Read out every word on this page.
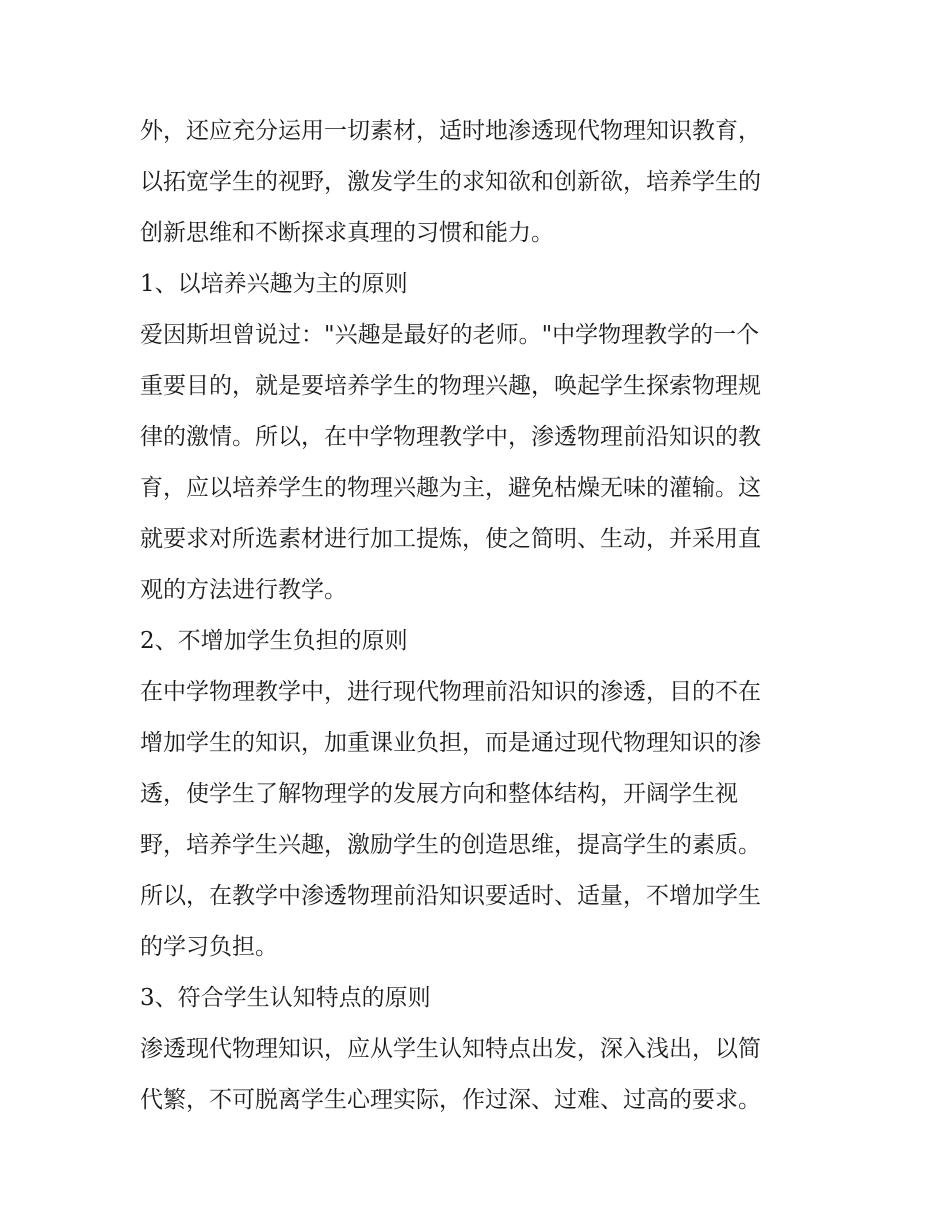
外，还应充分运用一切素材，适时地渗透现代物理知识教育，
以拓宽学生的视野，激发学生的求知欲和创新欲，培养学生的
创新思维和不断探求真理的习惯和能力。
1、以培养兴趣为主的原则
爱因斯坦曾说过："兴趣是最好的老师。"中学物理教学的一个
重要目的，就是要培养学生的物理兴趣，唤起学生探索物理规
律的激情。所以，在中学物理教学中，渗透物理前沿知识的教
育，应以培养学生的物理兴趣为主，避免枯燥无味的灌输。这
就要求对所选素材进行加工提炼，使之简明、生动，并采用直
观的方法进行教学。
2、不增加学生负担的原则
在中学物理教学中，进行现代物理前沿知识的渗透，目的不在
增加学生的知识，加重课业负担，而是通过现代物理知识的渗
透，使学生了解物理学的发展方向和整体结构，开阔学生视
野，培养学生兴趣，激励学生的创造思维，提高学生的素质。
所以，在教学中渗透物理前沿知识要适时、适量，不增加学生
的学习负担。
3、符合学生认知特点的原则
渗透现代物理知识，应从学生认知特点出发，深入浅出，以简
代繁，不可脱离学生心理实际，作过深、过难、过高的要求。
